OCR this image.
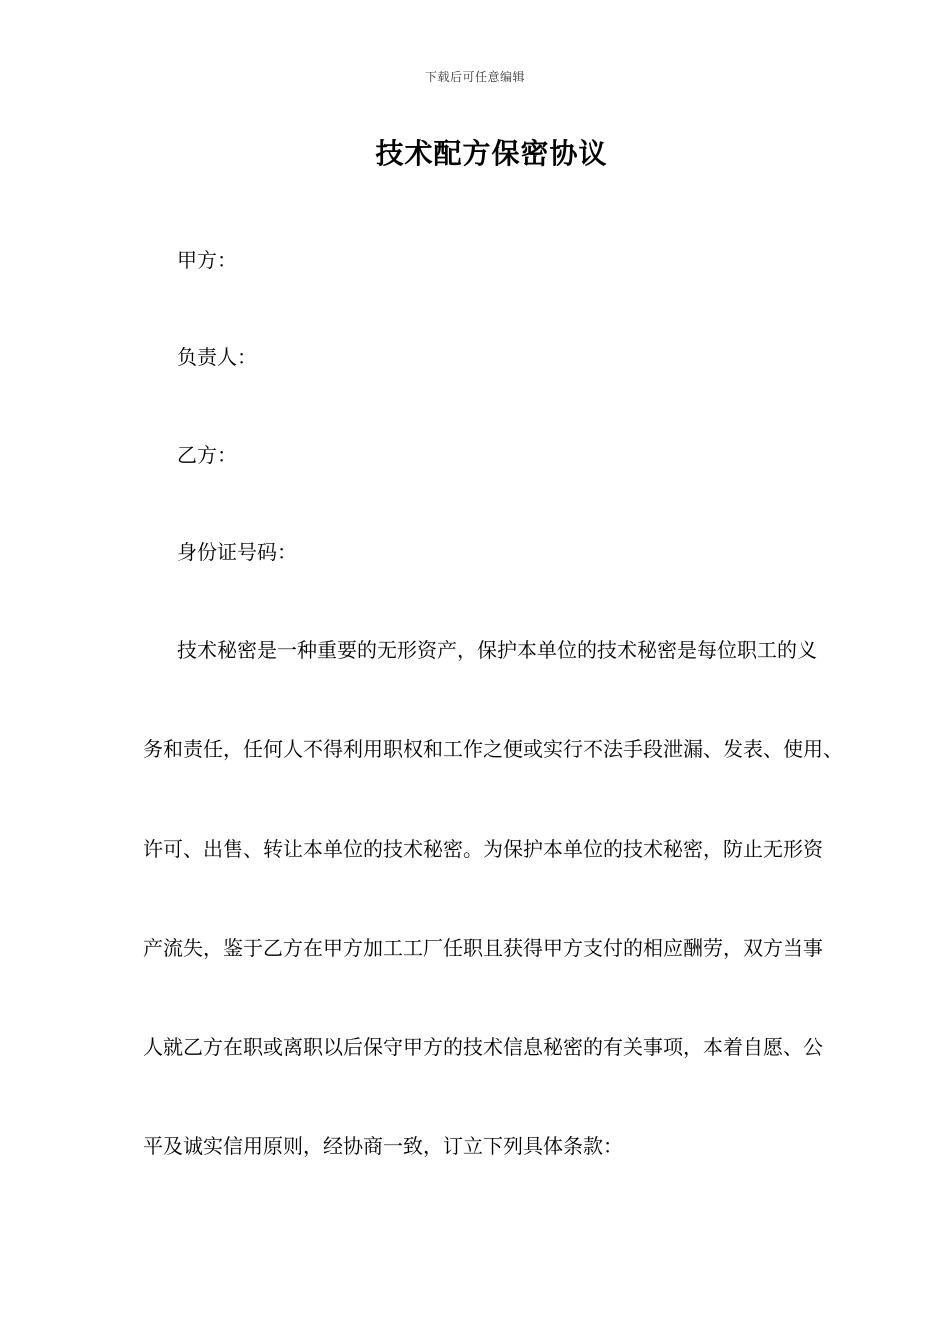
下载后可任意编辑
技术配方保密协议
甲方：
负责人：
乙方：
身份证号码：
技术秘密是一种重要的无形资产，保护本单位的技术秘密是每位职工的义
务和责任，任何人不得利用职权和工作之便或实行不法手段泄漏、发表、使用、
许可、出售、转让本单位的技术秘密。为保护本单位的技术秘密，防止无形资
产流失，鉴于乙方在甲方加工工厂任职且获得甲方支付的相应酬劳，双方当事
人就乙方在职或离职以后保守甲方的技术信息秘密的有关事项，本着自愿、公
平及诚实信用原则，经协商一致，订立下列具体条款：
